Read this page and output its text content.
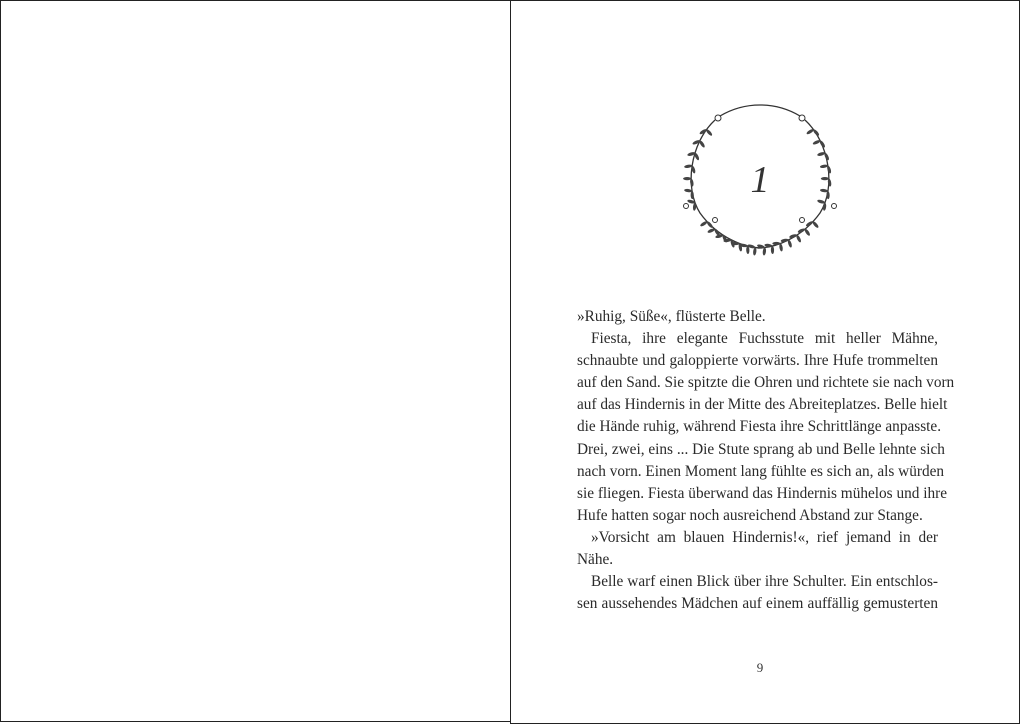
1
»Ruhig, Süße«, flüsterte Belle.
Fiesta, ihre elegante Fuchsstute mit heller Mähne,
schnaubte und galoppierte vorwärts. Ihre Hufe trommelten
auf den Sand. Sie spitzte die Ohren und richtete sie nach vorn
auf das Hindernis in der Mitte des Abreiteplatzes. Belle hielt
die Hände ruhig, während Fiesta ihre Schrittlänge anpasste.
Drei, zwei, eins ... Die Stute sprang ab und Belle lehnte sich
nach vorn. Einen Moment lang fühlte es sich an, als würden
sie fliegen. Fiesta überwand das Hindernis mühelos und ihre
Hufe hatten sogar noch ausreichend Abstand zur Stange.
»Vorsicht am blauen Hindernis!«, rief jemand in der
Nähe.
Belle warf einen Blick über ihre Schulter. Ein entschlos-
sen aussehendes Mädchen auf einem auffällig gemusterten
9
